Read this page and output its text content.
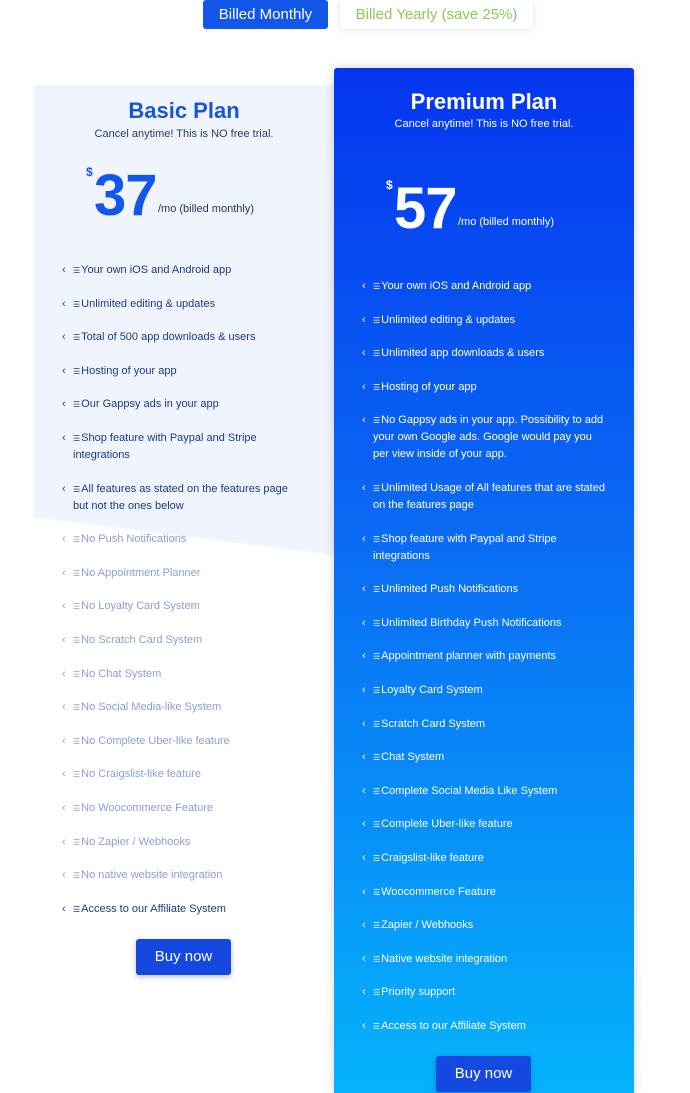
Billed Monthly	Billed Yearly (save 25%)
Basic Plan
Cancel anytime! This is NO free trial.
$ 37 /mo (billed monthly)
‹	☰ Your own iOS and Android app
‹	☰ Unlimited editing & updates
‹	☰ Total of 500 app downloads & users
‹	☰ Hosting of your app
‹	☰ Our Gappsy ads in your app
‹	☰ Shop feature with Paypal and Stripe integrations
‹	☰ All features as stated on the features page but not the ones below
‹	☰ No Push Notifications
‹	☰ No Appointment Planner
‹	☰ No Loyalty Card System
‹	☰ No Scratch Card System
‹	☰ No Chat System
‹	☰ No Social Media-like System
‹	☰ No Complete Uber-like feature
‹	☰ No Craigslist-like feature
‹	☰ No Woocommerce Feature
‹	☰ No Zapier / Webhooks
‹	☰ No native website integration
‹	☰ Access to our Affiliate System
Buy now
Premium Plan
Cancel anytime! This is NO free trial.
$ 57 /mo (billed monthly)
‹	☰ Your own iOS and Android app
‹	☰ Unlimited editing & updates
‹	☰ Unlimited app downloads & users
‹	☰ Hosting of your app
‹	☰ No Gappsy ads in your app. Possibility to add your own Google ads. Google would pay you per view inside of your app.
‹	☰ Unlimited Usage of All features that are stated on the features page
‹	☰ Shop feature with Paypal and Stripe integrations
‹	☰ Unlimited Push Notifications
‹	☰ Unlimited Birthday Push Notifications
‹	☰ Appointment planner with payments
‹	☰ Loyalty Card System
‹	☰ Scratch Card System
‹	☰ Chat System
‹	☰ Complete Social Media Like System
‹	☰ Complete Uber-like feature
‹	☰ Craigslist-like feature
‹	☰ Woocommerce Feature
‹	☰ Zapier / Webhooks
‹	☰ Native website integration
‹	☰ Priority support
‹	☰ Access to our Affiliate System
Buy now
